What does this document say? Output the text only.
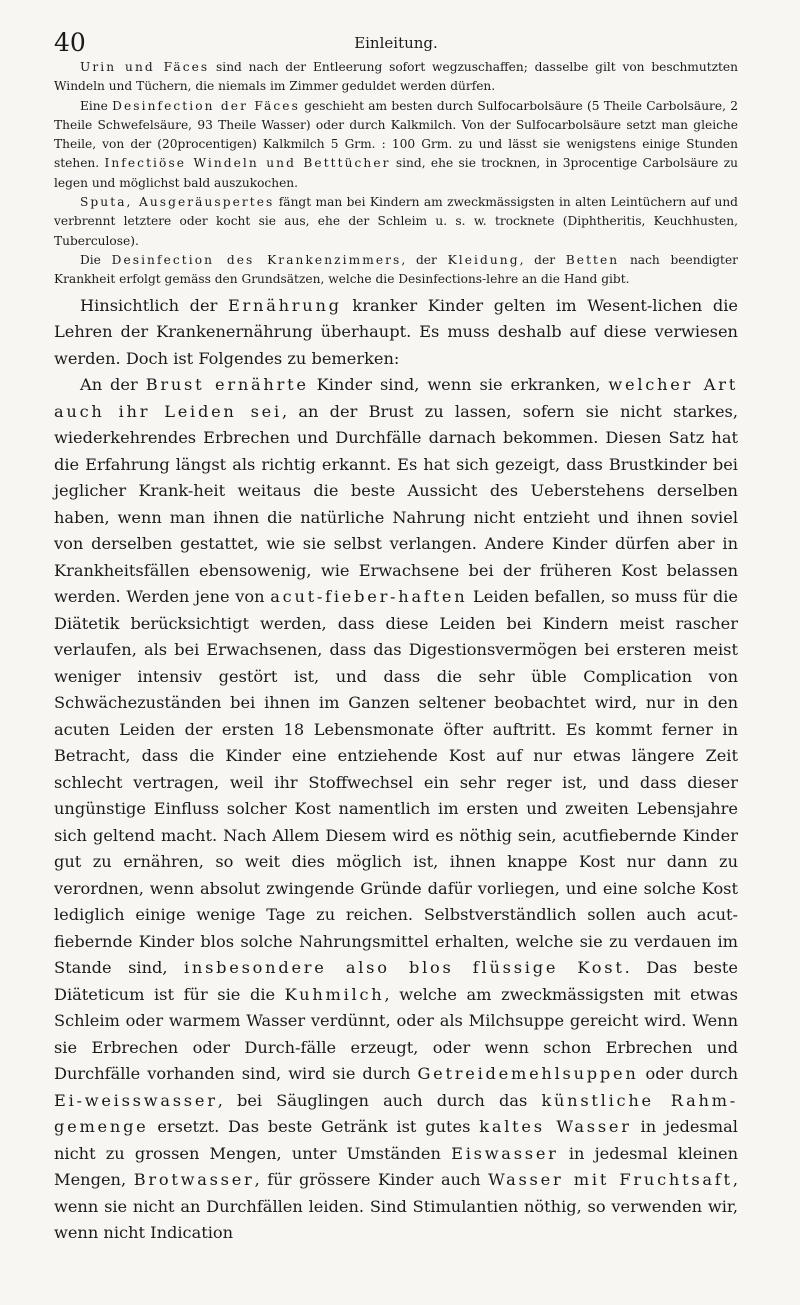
40	Einleitung.

Urin und Fäces sind nach der Entleerung sofort wegzuschaffen; dasselbe gilt von beschmutzten Windeln und Tüchern, die niemals im Zimmer geduldet werden dürfen.

Eine Desinfection der Fäces geschieht am besten durch Sulfocarbolsäure (5 Theile Carbolsäure, 2 Theile Schwefelsäure, 93 Theile Wasser) oder durch Kalkmilch. Von der Sulfocarbolsäure setzt man gleiche Theile, von der (20procentigen) Kalkmilch 5 Grm. : 100 Grm. zu und lässt sie wenigstens einige Stunden stehen. Infectiöse Windeln und Betttücher sind, ehe sie trocknen, in 3procentige Carbolsäure zu legen und möglichst bald auszukochen.

Sputa, Ausgeräuspertes fängt man bei Kindern am zweckmässigsten in alten Leintüchern auf und verbrennt letztere oder kocht sie aus, ehe der Schleim u. s. w. trocknete (Diphtheritis, Keuchhusten, Tuberculose).

Die Desinfection des Krankenzimmers, der Kleidung, der Betten nach beendigter Krankheit erfolgt gemäss den Grundsätzen, welche die Desinfections-lehre an die Hand gibt.

Hinsichtlich der Ernährung kranker Kinder gelten im Wesent-lichen die Lehren der Krankenernährung überhaupt. Es muss deshalb auf diese verwiesen werden. Doch ist Folgendes zu bemerken:

An der Brust ernährte Kinder sind, wenn sie erkranken, welcher Art auch ihr Leiden sei, an der Brust zu lassen, sofern sie nicht starkes, wiederkehrendes Erbrechen und Durchfälle darnach bekommen. Diesen Satz hat die Erfahrung längst als richtig erkannt. Es hat sich gezeigt, dass Brustkinder bei jeglicher Krank-heit weitaus die beste Aussicht des Ueberstehens derselben haben, wenn man ihnen die natürliche Nahrung nicht entzieht und ihnen soviel von derselben gestattet, wie sie selbst verlangen. Andere Kinder dürfen aber in Krankheitsfällen ebensowenig, wie Erwachsene bei der früheren Kost belassen werden. Werden jene von acut-fieber-haften Leiden befallen, so muss für die Diätetik berücksichtigt werden, dass diese Leiden bei Kindern meist rascher verlaufen, als bei Erwachsenen, dass das Digestionsvermögen bei ersteren meist weniger intensiv gestört ist, und dass die sehr üble Complication von Schwächezuständen bei ihnen im Ganzen seltener beobachtet wird, nur in den acuten Leiden der ersten 18 Lebensmonate öfter auftritt. Es kommt ferner in Betracht, dass die Kinder eine entziehende Kost auf nur etwas längere Zeit schlecht vertragen, weil ihr Stoffwechsel ein sehr reger ist, und dass dieser ungünstige Einfluss solcher Kost namentlich im ersten und zweiten Lebensjahre sich geltend macht. Nach Allem Diesem wird es nöthig sein, acutfiebernde Kinder gut zu ernähren, so weit dies möglich ist, ihnen knappe Kost nur dann zu verordnen, wenn absolut zwingende Gründe dafür vorliegen, und eine solche Kost lediglich einige wenige Tage zu reichen. Selbstverständlich sollen auch acut-fiebernde Kinder blos solche Nahrungsmittel erhalten, welche sie zu verdauen im Stande sind, insbesondere also blos flüssige Kost. Das beste Diäteticum ist für sie die Kuhmilch, welche am zweckmässigsten mit etwas Schleim oder warmem Wasser verdünnt, oder als Milchsuppe gereicht wird. Wenn sie Erbrechen oder Durch-fälle erzeugt, oder wenn schon Erbrechen und Durchfälle vorhanden sind, wird sie durch Getreidemehlsuppen oder durch Ei-weisswasser, bei Säuglingen auch durch das künstliche Rahm-gemenge ersetzt. Das beste Getränk ist gutes kaltes Wasser in jedesmal nicht zu grossen Mengen, unter Umständen Eiswasser in jedesmal kleinen Mengen, Brotwasser, für grössere Kinder auch Wasser mit Fruchtsaft, wenn sie nicht an Durchfällen leiden. Sind Stimulantien nöthig, so verwenden wir, wenn nicht Indication
